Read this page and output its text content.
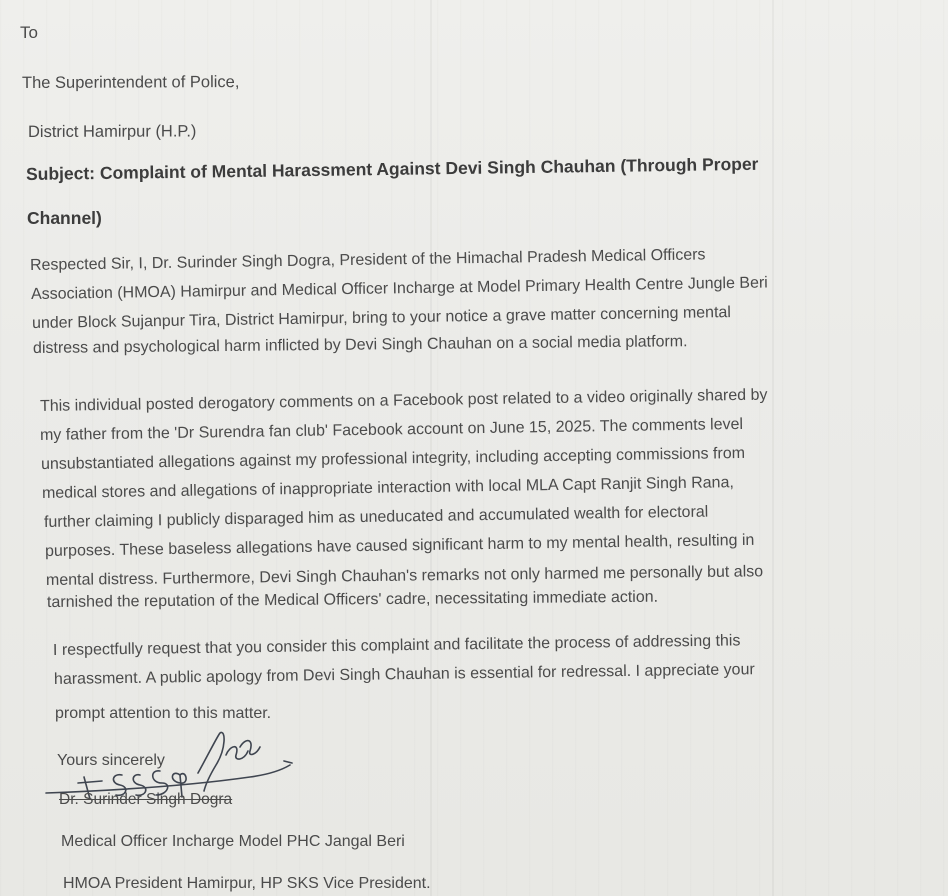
To
The Superintendent of Police,
District Hamirpur (H.P.)
Subject: Complaint of Mental Harassment Against Devi Singh Chauhan (Through Proper
Channel)
Respected Sir, I, Dr. Surinder Singh Dogra, President of the Himachal Pradesh Medical Officers
Association (HMOA) Hamirpur and Medical Officer Incharge at Model Primary Health Centre Jungle Beri
under Block Sujanpur Tira, District Hamirpur, bring to your notice a grave matter concerning mental
distress and psychological harm inflicted by Devi Singh Chauhan on a social media platform.
This individual posted derogatory comments on a Facebook post related to a video originally shared by
my father from the 'Dr Surendra fan club' Facebook account on June 15, 2025. The comments level
unsubstantiated allegations against my professional integrity, including accepting commissions from
medical stores and allegations of inappropriate interaction with local MLA Capt Ranjit Singh Rana,
further claiming I publicly disparaged him as uneducated and accumulated wealth for electoral
purposes. These baseless allegations have caused significant harm to my mental health, resulting in
mental distress. Furthermore, Devi Singh Chauhan's remarks not only harmed me personally but also
tarnished the reputation of the Medical Officers' cadre, necessitating immediate action.
I respectfully request that you consider this complaint and facilitate the process of addressing this
harassment. A public apology from Devi Singh Chauhan is essential for redressal. I appreciate your
prompt attention to this matter.
Yours sincerely
Dr. Surinder Singh Dogra
Medical Officer Incharge Model PHC Jangal Beri
HMOA President Hamirpur, HP SKS Vice President.
